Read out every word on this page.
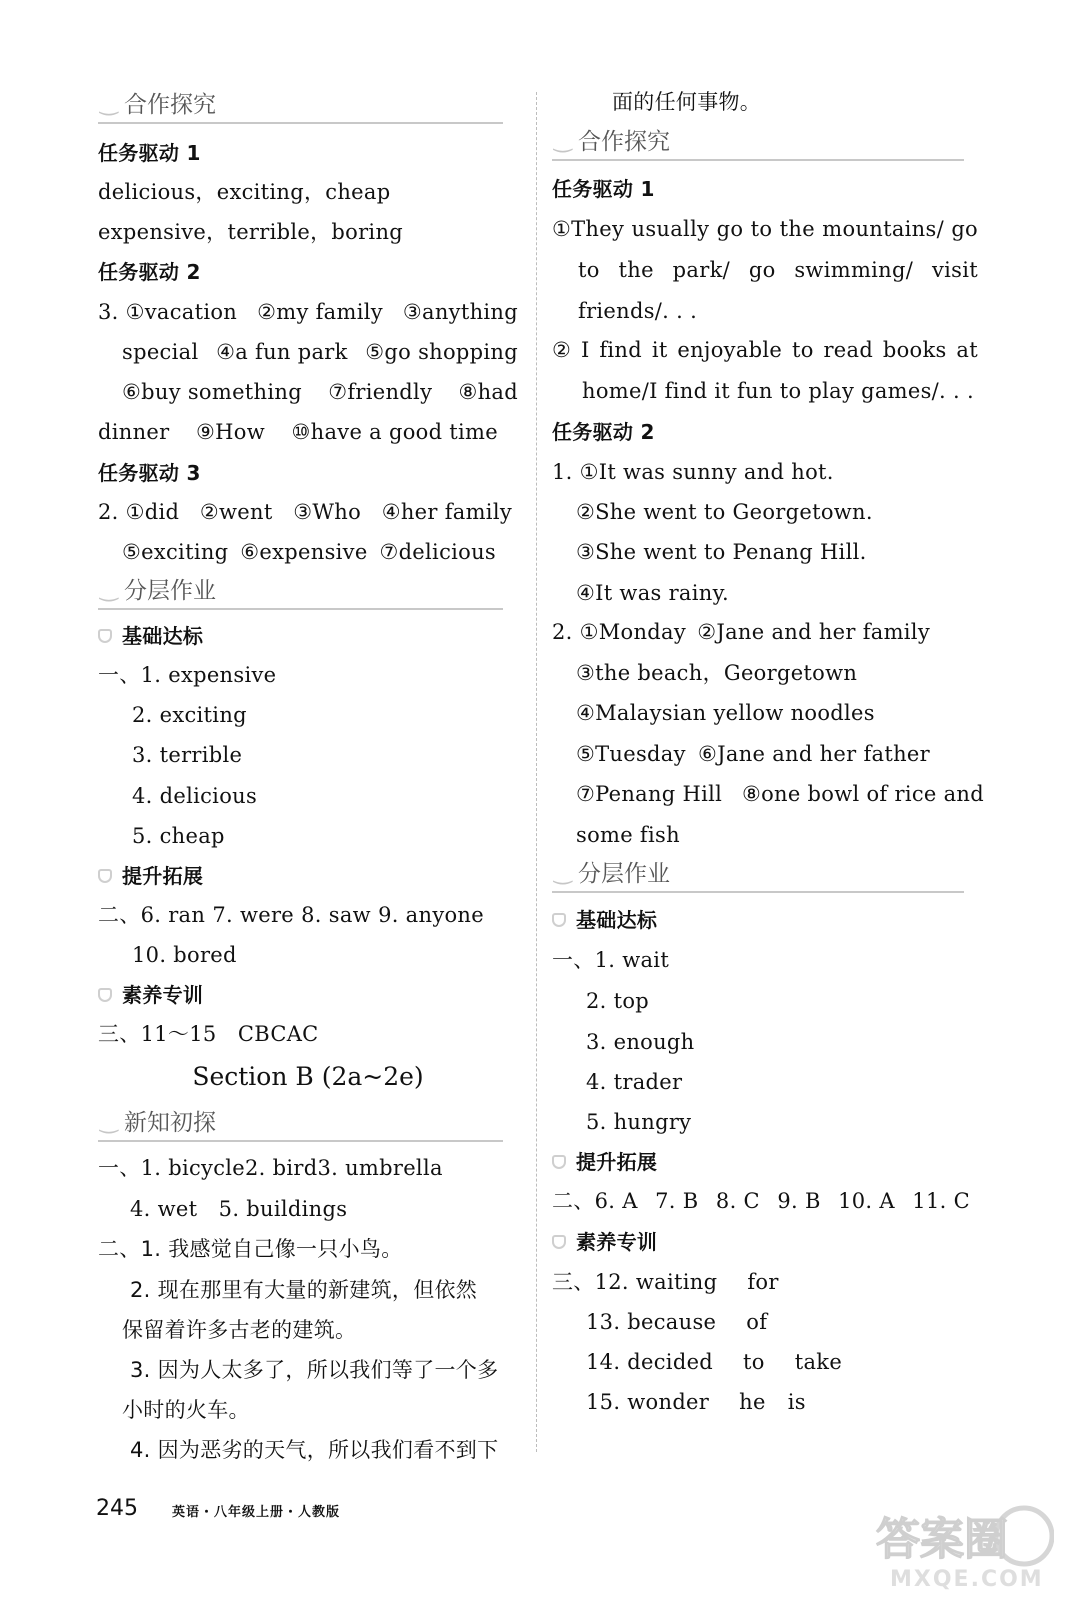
‿ 合作探究
任务驱动 1
delicious，exciting，cheap
expensive，terrible，boring
任务驱动 2
3. ①vacation ②my family ③anything
special ④a fun park ⑤go shopping
⑥buy something ⑦friendly ⑧had
dinner ⑨How ⑩have a good time
任务驱动 3
2. ①did ②went ③Who ④her family
⑤exciting ⑥expensive ⑦delicious
‿ 分层作业
基础达标
一、1. expensive
2. exciting
3. terrible
4. delicious
5. cheap
提升拓展
二、6. ran 7. were 8. saw 9. anyone
10. bored
素养专训
三、11～15　CBCAC
Section B (2a~2e)
‿ 新知初探
一、1. bicycle 2. bird 3. umbrella
4. wet　5. buildings
二、1. 我感觉自己像一只小鸟。
2. 现在那里有大量的新建筑，但依然
保留着许多古老的建筑。
3. 因为人太多了，所以我们等了一个多
小时的火车。
4. 因为恶劣的天气，所以我们看不到下
面的任何事物。
‿ 合作探究
任务驱动 1
①They usually go to the mountains/ go
to the park/ go swimming/ visit
friends/. . .
② I find it enjoyable to read books at
home/I find it fun to play games/. . .
任务驱动 2
1. ①It was sunny and hot.
②She went to Georgetown.
③She went to Penang Hill.
④It was rainy.
2. ①Monday ②Jane and her family
③the beach，Georgetown
④Malaysian yellow noodles
⑤Tuesday ⑥Jane and her father
⑦Penang Hill ⑧one bowl of rice and
some fish
‿ 分层作业
基础达标
一、1. wait
2. top
3. enough
4. trader
5. hungry
提升拓展
二、6. A 7. B 8. C 9. B 10. A 11. C
素养专训
三、12. waiting for
13. because of
14. decided to take
15. wonder he is
245	英语・八年级上册・人教版
答案圈
MXQE.COM
